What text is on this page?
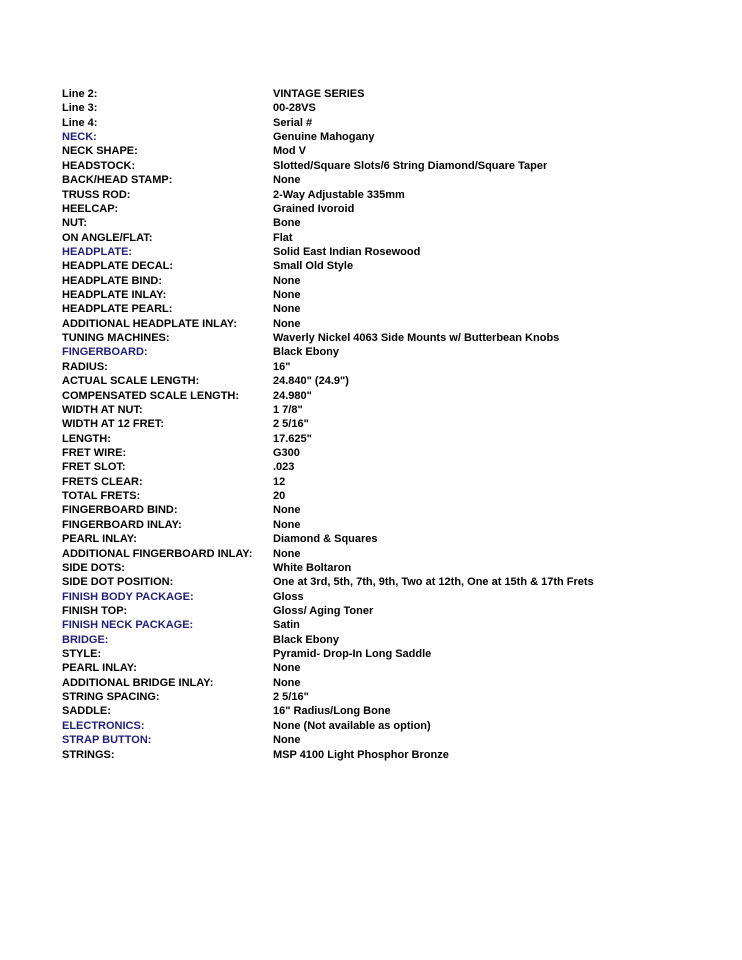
Line 2:	VINTAGE SERIES
Line 3:	00-28VS
Line 4:	Serial #
NECK:	Genuine Mahogany
NECK SHAPE:	Mod V
HEADSTOCK:	Slotted/Square Slots/6 String Diamond/Square Taper
BACK/HEAD STAMP:	None
TRUSS ROD:	2-Way Adjustable 335mm
HEELCAP:	Grained Ivoroid
NUT:	Bone
ON ANGLE/FLAT:	Flat
HEADPLATE:	Solid East Indian Rosewood
HEADPLATE DECAL:	Small Old Style
HEADPLATE BIND:	None
HEADPLATE INLAY:	None
HEADPLATE PEARL:	None
ADDITIONAL HEADPLATE INLAY:	None
TUNING MACHINES:	Waverly Nickel 4063 Side Mounts w/ Butterbean Knobs
FINGERBOARD:	Black Ebony
RADIUS:	16"
ACTUAL SCALE LENGTH:	24.840" (24.9")
COMPENSATED SCALE LENGTH:	24.980"
WIDTH AT NUT:	1 7/8"
WIDTH AT 12 FRET:	2 5/16"
LENGTH:	17.625"
FRET WIRE:	G300
FRET SLOT:	.023
FRETS CLEAR:	12
TOTAL FRETS:	20
FINGERBOARD BIND:	None
FINGERBOARD INLAY:	None
PEARL INLAY:	Diamond & Squares
ADDITIONAL FINGERBOARD INLAY:	None
SIDE DOTS:	White Boltaron
SIDE DOT POSITION:	One at 3rd, 5th, 7th, 9th, Two at 12th, One at 15th & 17th Frets
FINISH BODY PACKAGE:	Gloss
FINISH TOP:	Gloss/ Aging Toner
FINISH NECK PACKAGE:	Satin
BRIDGE:	Black Ebony
STYLE:	Pyramid- Drop-In Long Saddle
PEARL INLAY:	None
ADDITIONAL BRIDGE INLAY:	None
STRING SPACING:	2 5/16"
SADDLE:	16" Radius/Long Bone
ELECTRONICS:	None (Not available as option)
STRAP BUTTON:	None
STRINGS:	MSP 4100 Light Phosphor Bronze
